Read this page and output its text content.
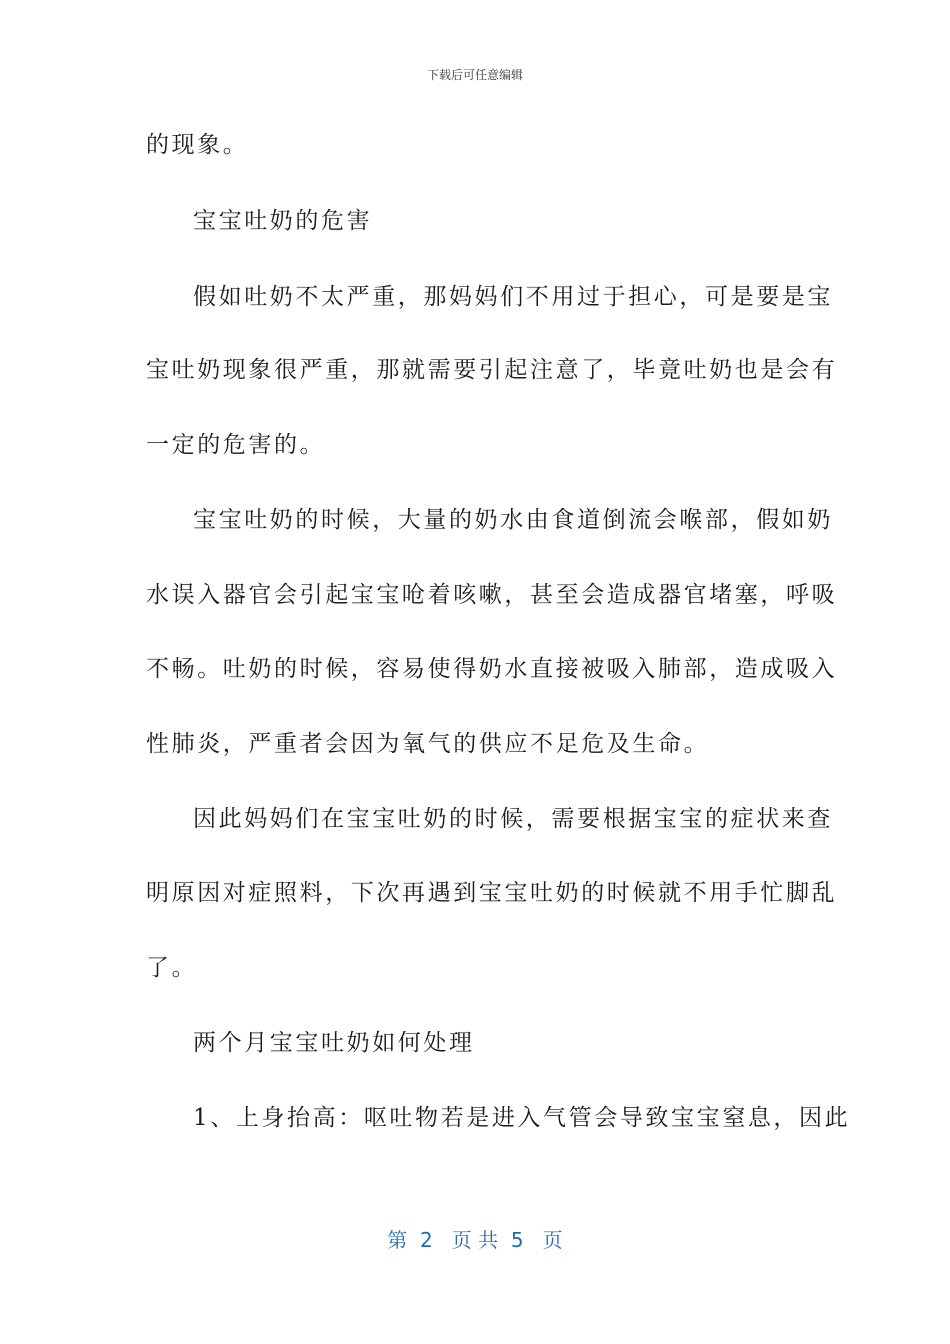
下载后可任意编辑
的现象。
宝宝吐奶的危害
假如吐奶不太严重，那妈妈们不用过于担心，可是要是宝
宝吐奶现象很严重，那就需要引起注意了，毕竟吐奶也是会有
一定的危害的。
宝宝吐奶的时候，大量的奶水由食道倒流会喉部，假如奶
水误入器官会引起宝宝呛着咳嗽，甚至会造成器官堵塞，呼吸
不畅。吐奶的时候，容易使得奶水直接被吸入肺部，造成吸入
性肺炎，严重者会因为氧气的供应不足危及生命。
因此妈妈们在宝宝吐奶的时候，需要根据宝宝的症状来查
明原因对症照料，下次再遇到宝宝吐奶的时候就不用手忙脚乱
了。
两个月宝宝吐奶如何处理
1、上身抬高：呕吐物若是进入气管会导致宝宝窒息，因此
第  2   页 共  5   页
